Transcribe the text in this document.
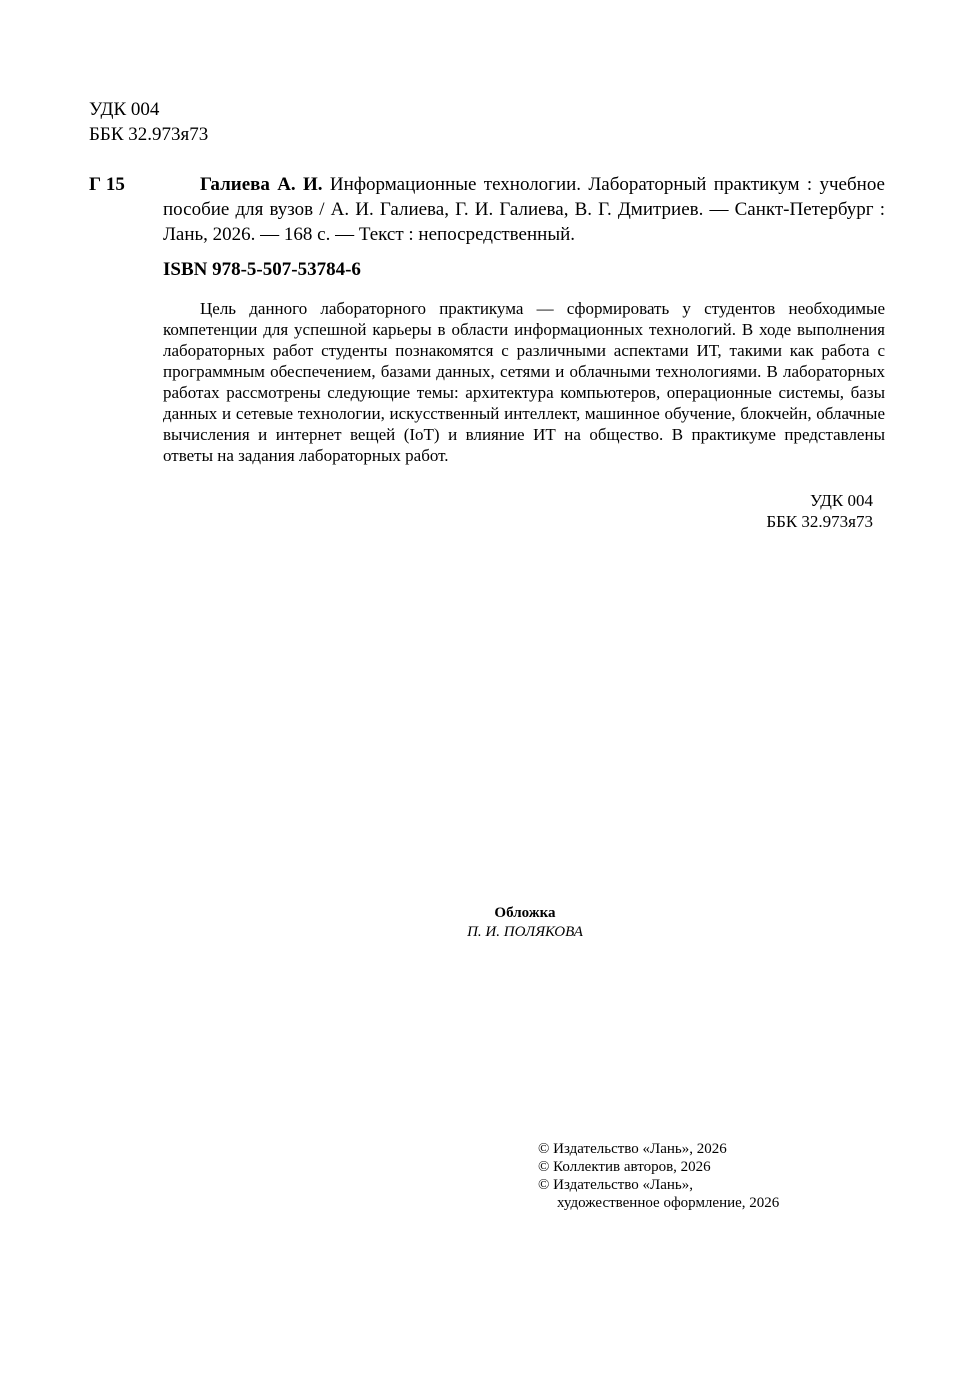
УДК 004
ББК 32.973я73
Г 15	Галиева А. И. Информационные технологии. Лабораторный практикум : учебное пособие для вузов / А. И. Галиева, Г. И. Галиева, В. Г. Дмитриев. — Санкт-Петербург : Лань, 2026. — 168 с. — Текст : непосредственный.
ISBN 978-5-507-53784-6
Цель данного лабораторного практикума — сформировать у студентов необходимые компетенции для успешной карьеры в области информационных технологий. В ходе выполнения лабораторных работ студенты познакомятся с различными аспектами ИТ, такими как работа с программным обеспечением, базами данных, сетями и облачными технологиями. В лабораторных работах рассмотрены следующие темы: архитектура компьютеров, операционные системы, базы данных и сетевые технологии, искусственный интеллект, машинное обучение, блокчейн, облачные вычисления и интернет вещей (IoT) и влияние ИТ на общество. В практикуме представлены ответы на задания лабораторных работ.
УДК 004
ББК 32.973я73
Обложка
П. И. ПОЛЯКОВА
© Издательство «Лань», 2026
© Коллектив авторов, 2026
© Издательство «Лань»,
художественное оформление, 2026
